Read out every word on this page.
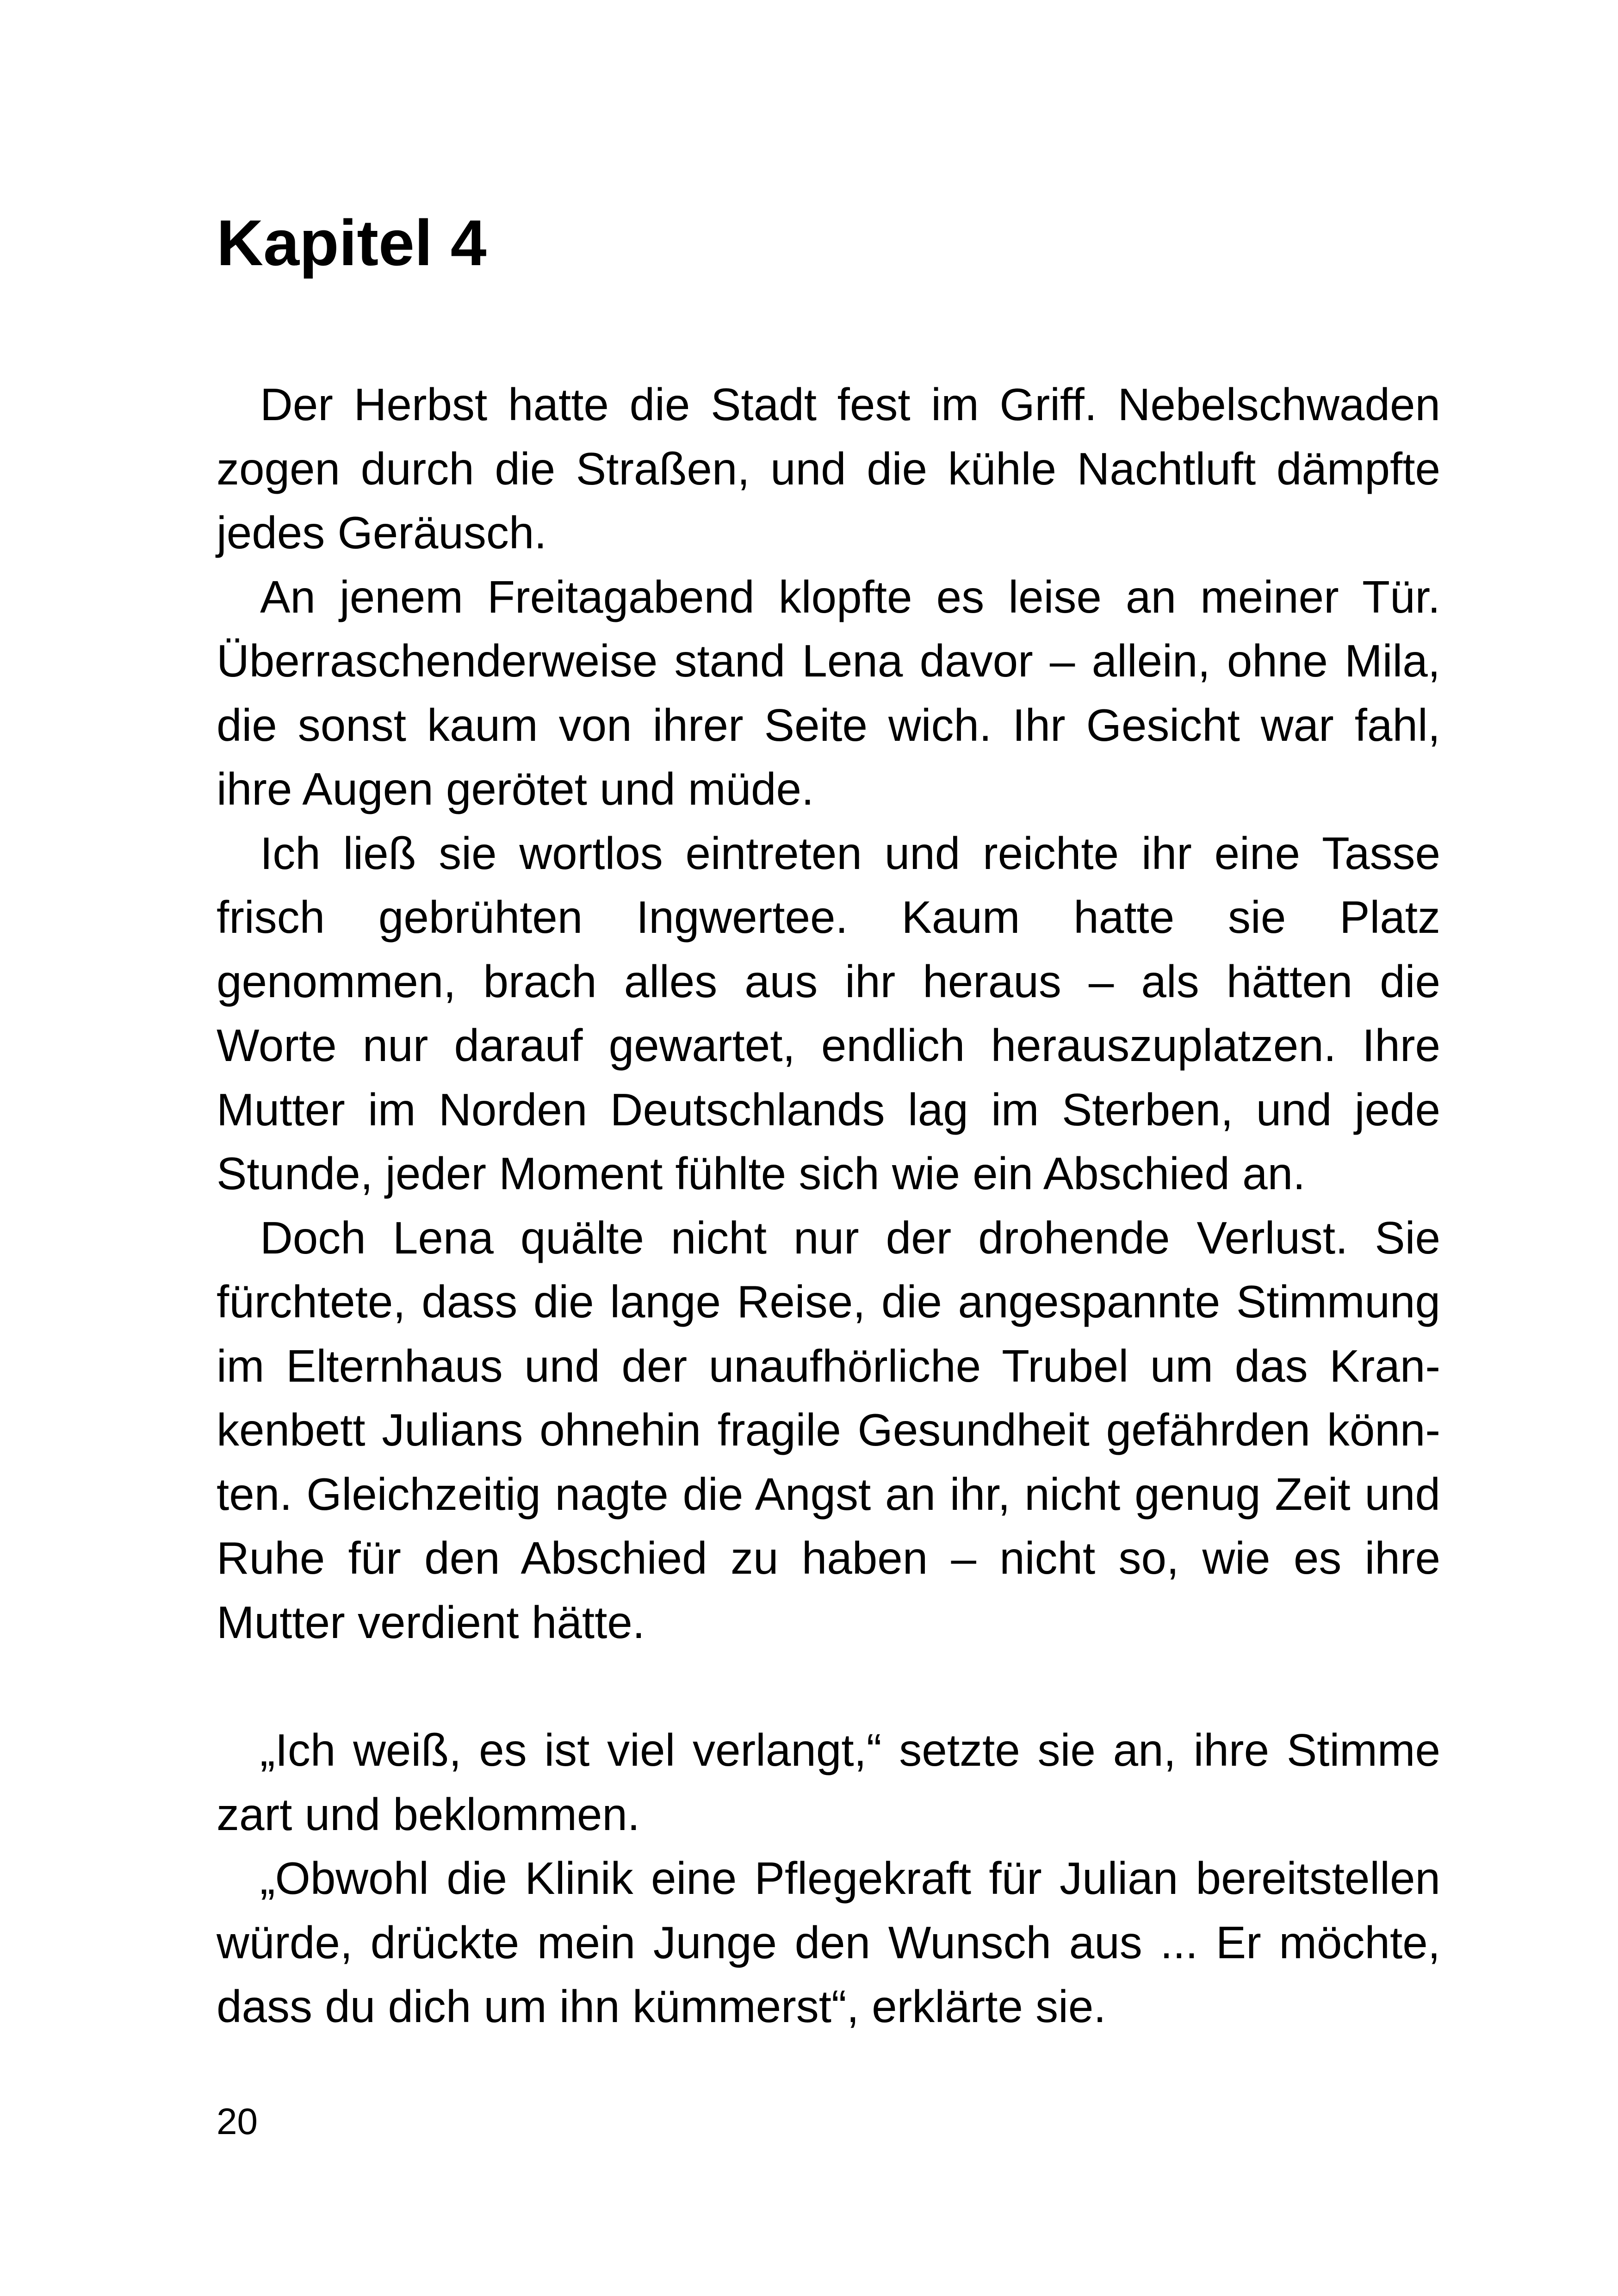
Kapitel 4

Der Herbst hatte die Stadt fest im Griff. Nebelschwaden zogen durch die Straßen, und die kühle Nachtluft dämpfte jedes Geräusch.

An jenem Freitagabend klopfte es leise an meiner Tür. Überraschenderweise stand Lena davor – allein, ohne Mila, die sonst kaum von ihrer Seite wich. Ihr Gesicht war fahl, ihre Augen gerötet und müde.

Ich ließ sie wortlos eintreten und reichte ihr eine Tasse frisch gebrühten Ingwertee. Kaum hatte sie Platz genommen, brach alles aus ihr heraus – als hätten die Worte nur darauf gewartet, endlich herauszuplatzen. Ihre Mutter im Norden Deutschlands lag im Sterben, und jede Stunde, jeder Moment fühlte sich wie ein Abschied an.

Doch Lena quälte nicht nur der drohende Verlust. Sie fürchtete, dass die lange Reise, die angespannte Stimmung im Elternhaus und der unaufhörliche Trubel um das Krankenbett Julians ohnehin fragile Gesundheit gefährden könnten. Gleichzeitig nagte die Angst an ihr, nicht genug Zeit und Ruhe für den Abschied zu haben – nicht so, wie es ihre Mutter verdient hätte.

„Ich weiß, es ist viel verlangt,“ setzte sie an, ihre Stimme zart und beklommen.

„Obwohl die Klinik eine Pflegekraft für Julian bereitstellen würde, drückte mein Junge den Wunsch aus ... Er möchte, dass du dich um ihn kümmerst“, erklärte sie.

20
